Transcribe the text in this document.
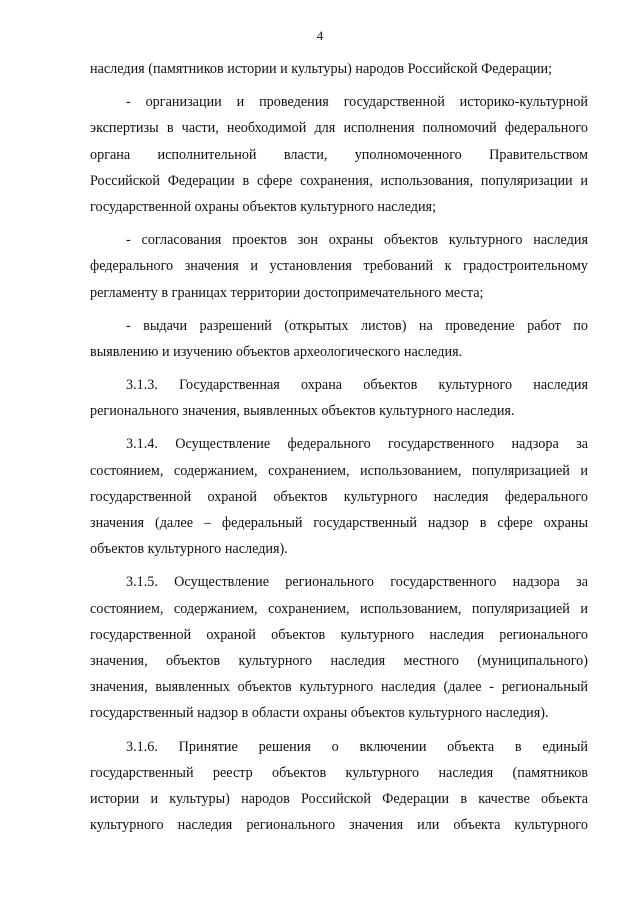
4
наследия (памятников истории и культуры) народов Российской Федерации;
- организации и проведения государственной историко-культурной
экспертизы в части, необходимой для исполнения полномочий федерального
органа исполнительной власти, уполномоченного Правительством
Российской Федерации в сфере сохранения, использования, популяризации и
государственной охраны объектов культурного наследия;
- согласования проектов зон охраны объектов культурного наследия
федерального значения и установления требований к градостроительному
регламенту в границах территории достопримечательного места;
- выдачи разрешений (открытых листов) на проведение работ по
выявлению и изучению объектов археологического наследия.
3.1.3. Государственная охрана объектов культурного наследия
регионального значения, выявленных объектов культурного наследия.
3.1.4. Осуществление федерального государственного надзора за
состоянием, содержанием, сохранением, использованием, популяризацией и
государственной охраной объектов культурного наследия федерального
значения (далее – федеральный государственный надзор в сфере охраны
объектов культурного наследия).
3.1.5. Осуществление регионального государственного надзора за
состоянием, содержанием, сохранением, использованием, популяризацией и
государственной охраной объектов культурного наследия регионального
значения, объектов культурного наследия местного (муниципального)
значения, выявленных объектов культурного наследия (далее - региональный
государственный надзор в области охраны объектов культурного наследия).
3.1.6. Принятие решения о включении объекта в единый
государственный реестр объектов культурного наследия (памятников
истории и культуры) народов Российской Федерации в качестве объекта
культурного наследия регионального значения или объекта культурного
